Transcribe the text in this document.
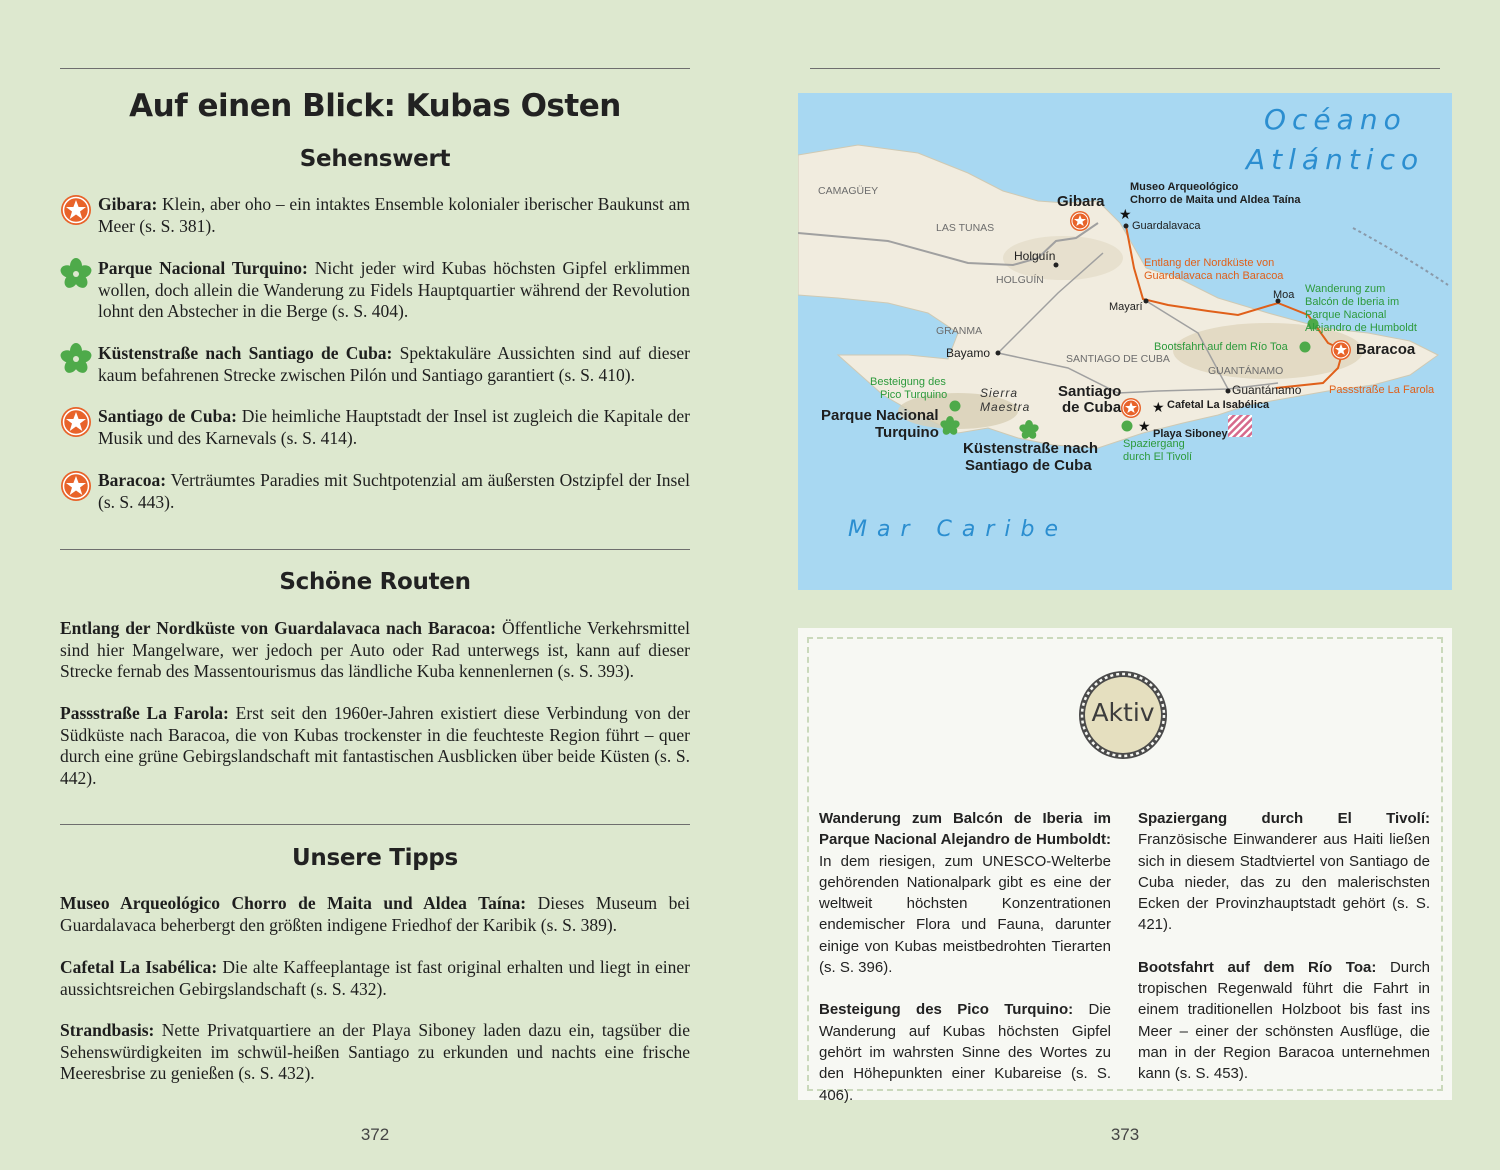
Auf einen Blick: Kubas Osten
Sehenswert
Gibara: Klein, aber oho – ein intaktes Ensemble kolonialer iberischer Baukunst am Meer (s. S. 381).
Parque Nacional Turquino: Nicht jeder wird Kubas höchsten Gipfel erklimmen wollen, doch allein die Wanderung zu Fidels Hauptquartier während der Revolution lohnt den Abstecher in die Berge (s. S. 404).
Küstenstraße nach Santiago de Cuba: Spektakuläre Aussichten sind auf dieser kaum befahrenen Strecke zwischen Pilón und Santiago garantiert (s. S. 410).
Santiago de Cuba: Die heimliche Hauptstadt der Insel ist zugleich die Kapitale der Musik und des Karnevals (s. S. 414).
Baracoa: Verträumtes Paradies mit Suchtpotenzial am äußersten Ostzipfel der Insel (s. S. 443).
Schöne Routen
Entlang der Nordküste von Guardalavaca nach Baracoa: Öffentliche Verkehrsmittel sind hier Mangelware, wer jedoch per Auto oder Rad unterwegs ist, kann auf dieser Strecke fernab des Massentourismus das ländliche Kuba kennenlernen (s. S. 393).
Passstraße La Farola: Erst seit den 1960er-Jahren existiert diese Verbindung von der Südküste nach Baracoa, die von Kubas trockenster in die feuchteste Region führt – quer durch eine grüne Gebirgslandschaft mit fantastischen Ausblicken über beide Küsten (s. S. 442).
Unsere Tipps
Museo Arqueológico Chorro de Maita und Aldea Taína: Dieses Museum bei Guardalavaca beherbergt den größten indigene Friedhof der Karibik (s. S. 389).
Cafetal La Isabélica: Die alte Kaffeeplantage ist fast original erhalten und liegt in einer aussichtsreichen Gebirgslandschaft (s. S. 432).
Strandbasis: Nette Privatquartiere an der Playa Siboney laden dazu ein, tagsüber die Sehenswürdigkeiten im schwül-heißen Santiago zu erkunden und nachts eine frische Meeresbrise zu genießen (s. S. 432).
372
★
★
★
Océano
Atlántico
Mar Caribe
CAMAGÜEY
LAS TUNAS
HOLGUÍN
GRANMA
SANTIAGO DE CUBA
GUANTÁNAMO
Gibara
Holguín
Guardalavaca
Mayarí
Moa
Baracoa
Bayamo
Guantánamo
Santiago
de Cuba
Sierra
Maestra
Museo Arqueológico
Chorro de Maita und Aldea Taína
Entlang der Nordküste von
Guardalavaca nach Baracoa
Wanderung zum
Balcón de Iberia im
Parque Nacional
Alejandro de Humboldt
Bootsfahrt auf dem Río Toa
Passstraße La Farola
Besteigung des
Pico Turquino
Parque Nacional
Turquino
Küstenstraße nach
Santiago de Cuba
Cafetal La Isabélica
Playa Siboney
Spaziergang
durch El Tivolí
Aktiv

Wanderung zum Balcón de Iberia im Parque Nacional Alejandro de Humboldt: In dem riesigen, zum UNESCO-Welterbe gehörenden Nationalpark gibt es eine der weltweit höchsten Konzentrationen endemischer Flora und Fauna, darunter einige von Kubas meistbedrohten Tierarten (s. S. 396).

Besteigung des Pico Turquino: Die Wanderung auf Kubas höchsten Gipfel gehört im wahrsten Sinne des Wortes zu den Höhepunkten einer Kubareise (s. S. 406).

Spaziergang durch El Tivolí: Französische Einwanderer aus Haiti ließen sich in diesem Stadtviertel von Santiago de Cuba nieder, das zu den malerischsten Ecken der Provinzhauptstadt gehört (s. S. 421).

Bootsfahrt auf dem Río Toa: Durch tropischen Regenwald führt die Fahrt in einem traditionellen Holzboot bis fast ins Meer – einer der schönsten Ausflüge, die man in der Region Baracoa unternehmen kann (s. S. 453).

373
